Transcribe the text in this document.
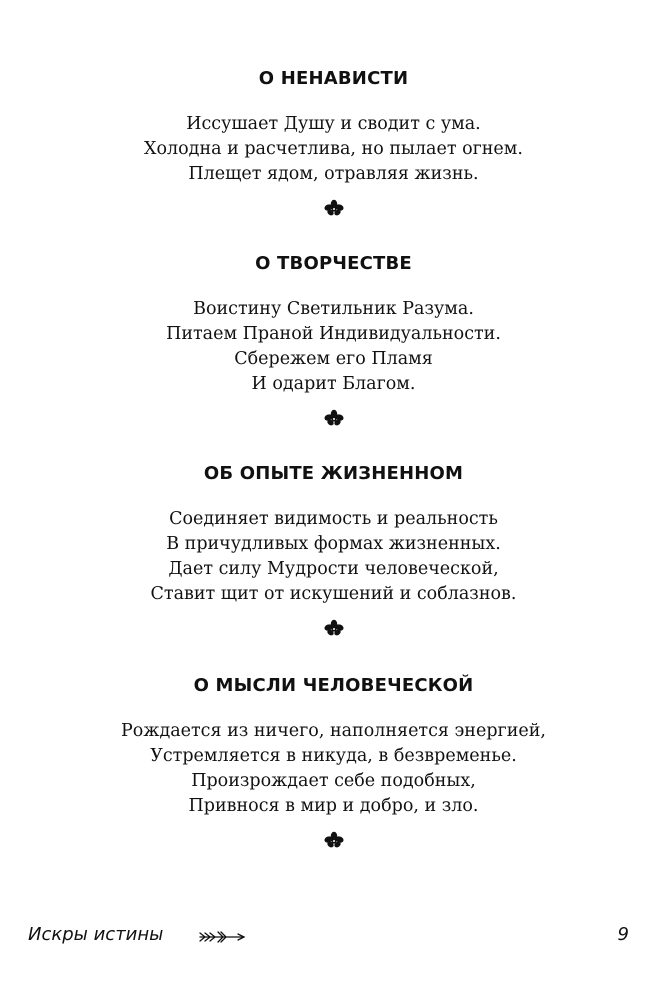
О НЕНАВИСТИ
Иссушает Душу и сводит с ума.
Холодна и расчетлива, но пылает огнем.
Плещет ядом, отравляя жизнь.
О ТВОРЧЕСТВЕ
Воистину Светильник Разума.
Питаем Праной Индивидуальности.
Сбережем его Пламя
И одарит Благом.
ОБ ОПЫТЕ ЖИЗНЕННОМ
Соединяет видимость и реальность
В причудливых формах жизненных.
Дает силу Мудрости человеческой,
Ставит щит от искушений и соблазнов.
О МЫСЛИ ЧЕЛОВЕЧЕСКОЙ
Рождается из ничего, наполняется энергией,
Устремляется в никуда, в безвременье.
Произрождает себе подобных,
Привнося в мир и добро, и зло.
Искры истины	9
